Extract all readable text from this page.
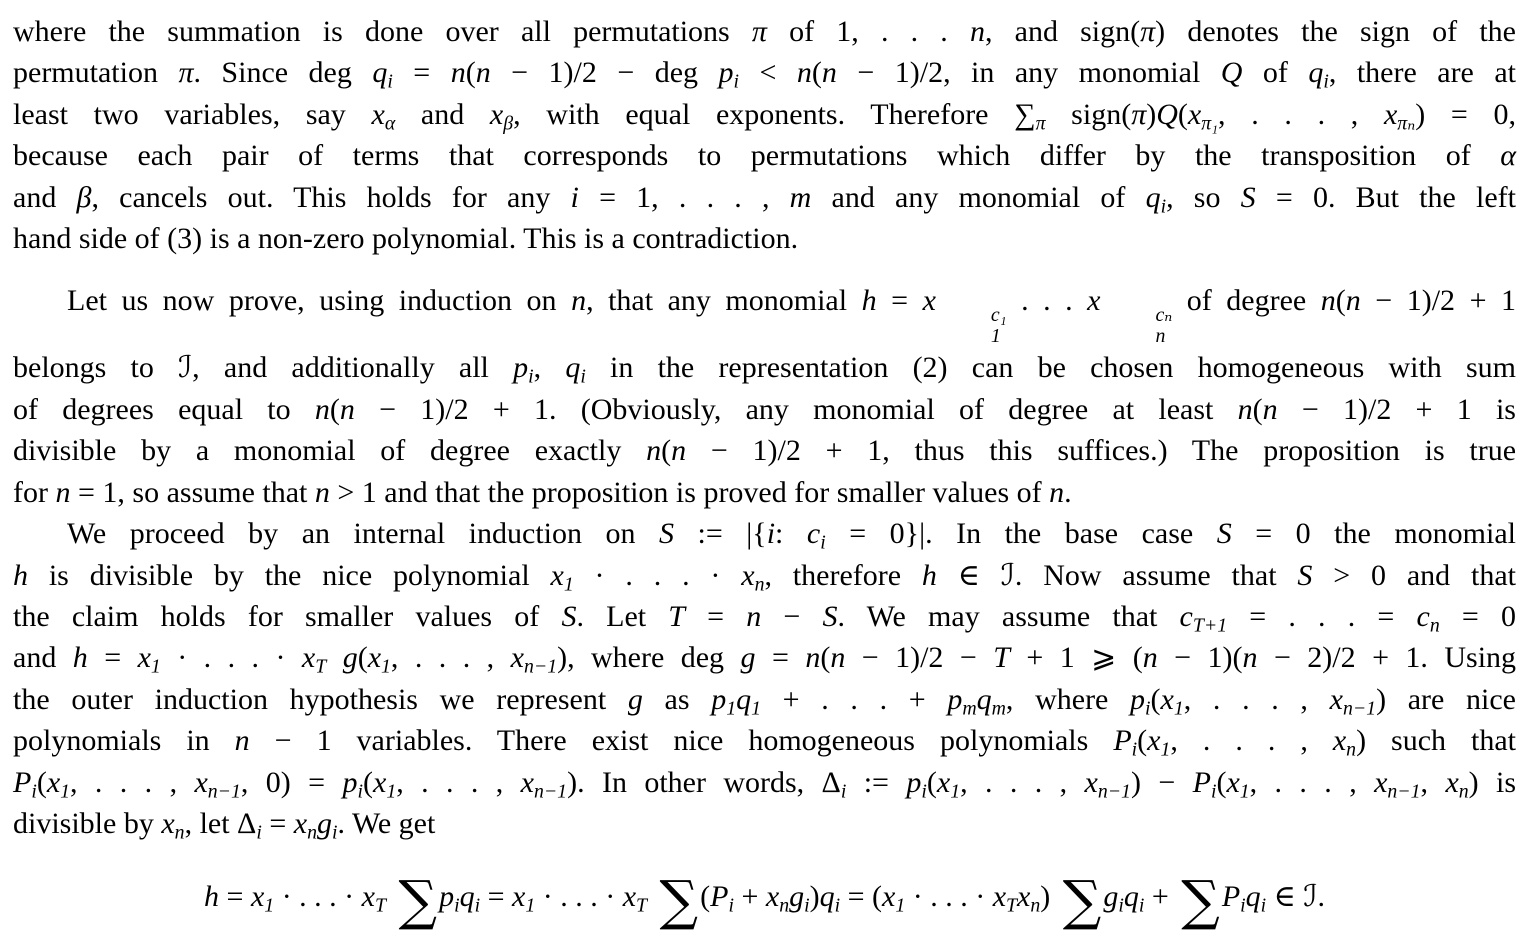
where the summation is done over all permutations π of 1, . . . n, and sign(π) denotes the sign of the
permutation π. Since deg $q_i = n(n - 1)/2$ − deg $p_i < n(n - 1)/2$, in any monomial Q of $q_i$, there are at
least two variables, say $x_\alpha$ and $x_\beta$, with equal exponents. Therefore $\sum_\pi$ $sign(\pi)Q(x_{\pi_1}$, . . . , $x_{\pi_n}) = 0$,
because each pair of terms that corresponds to permutations which differ by the transposition of α
and β, cancels out. This holds for any i = 1, . . . , m and any monomial of $q_i$, so S = 0. But the left
hand side of (3) is a non-zero polynomial. This is a contradiction.
Let us now prove, using induction on n, that any monomial h = x	c₁
1
. . . x	cₙ
n
of degree n(n − 1)/2 + 1
belongs to ℐ, and additionally all $p_i$, $q_i$ in the representation (2) can be chosen homogeneous with sum
of degrees equal to n(n − 1)/2 + 1. (Obviously, any monomial of degree at least n(n − 1)/2 + 1 is
divisible by a monomial of degree exactly n(n − 1)/2 + 1, thus this suffices.) The proposition is true
for n = 1, so assume that n > 1 and that the proposition is proved for smaller values of n.
We proceed by an internal induction on S := |{i: $c_i = 0\}|$. In the base case S = 0 the monomial
h is divisible by the nice polynomial $x_1$ · . . . · $x_n$, therefore h ∈ ℐ. Now assume that S > 0 and that
the claim holds for smaller values of S. Let T = n − S. We may assume that $c_{T+1}$ = . . . = $c_n = 0$
and $h = x_1$ · . . . · $x_T$ $g(x_1$, . . . , $x_{n-1}$), where deg g = n(n − 1)/2 − T + 1 ⩾ (n − 1)(n − 2)/2 + 1. Using
the outer induction hypothesis we represent g as $p_1q_1$ + . . . + $p_mq_m$, where $p_i(x_1$, . . . , $x_{n-1}$) are nice
polynomials in n − 1 variables. There exist nice homogeneous polynomials $P_i(x_1$, . . . , $x_n$) such that
$P_i(x_1$, . . . , $x_{n-1}$, $0) = p_i(x_1$, . . . , $x_{n-1}$). In other words, $\Delta_i$ := $p_i(x_1$, . . . , $x_{n-1}) - P_i(x_1$, . . . , $x_{n-1}$, $x_n$) is
divisible by $x_n$, let $\Delta_i = x_ng_i$. We get
$h = x_1$ · . . . · $x_T$ $\sum p_iq_i = x_1$ · . . . · $x_T$ $\sum(P_i + x_ng_i)q_i = (x_1$ · . . . · $x_Tx_n$) $\sum g_iq_i + \sum P_iq_i$ ∈ ℐ.
